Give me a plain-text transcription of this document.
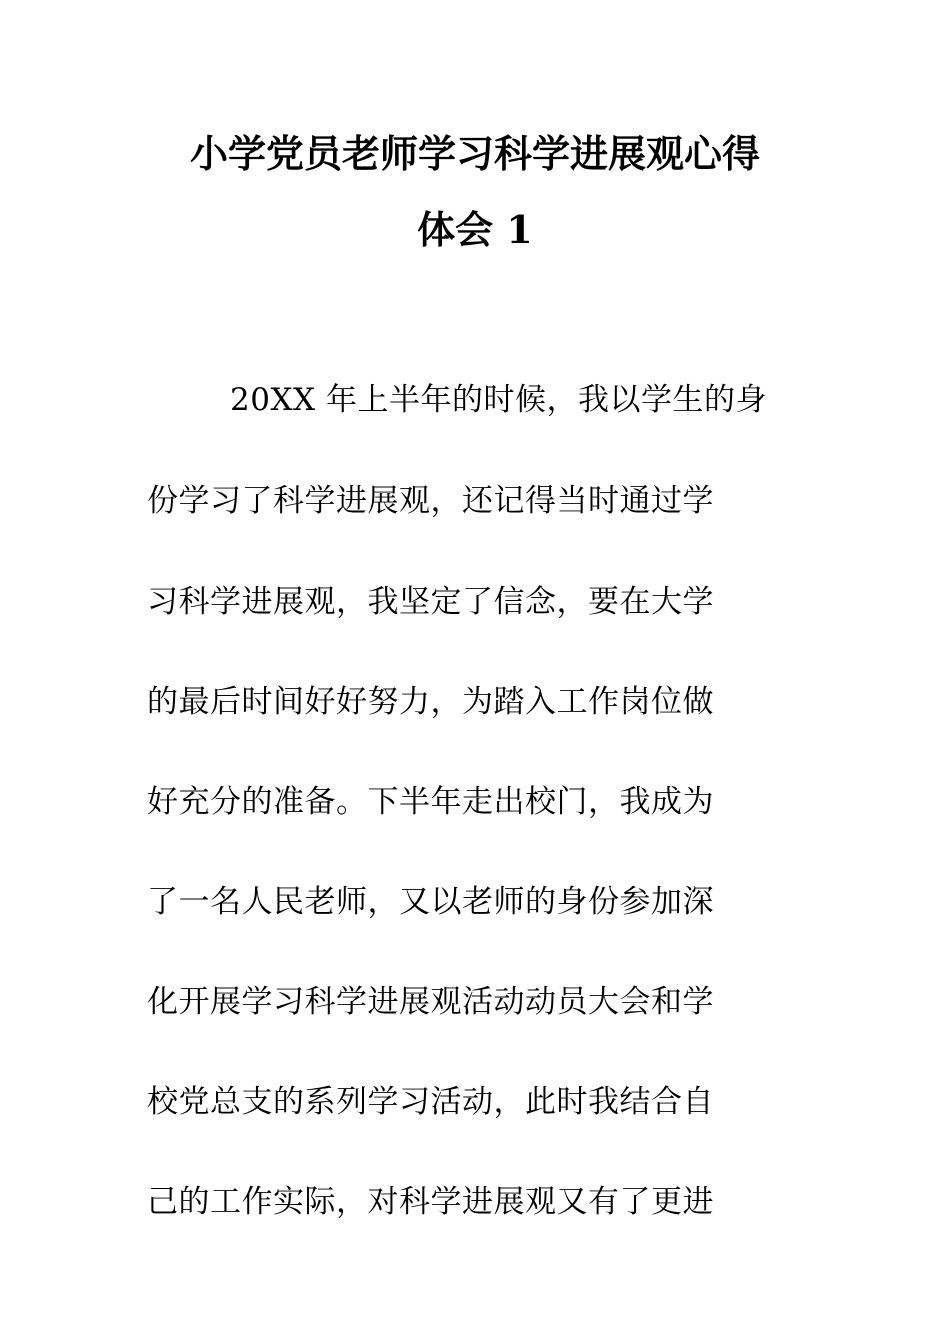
小学党员老师学习科学进展观心得
体会 1

20XX 年上半年的时候，我以学生的身

份学习了科学进展观，还记得当时通过学

习科学进展观，我坚定了信念，要在大学

的最后时间好好努力，为踏入工作岗位做

好充分的准备。下半年走出校门，我成为

了一名人民老师，又以老师的身份参加深

化开展学习科学进展观活动动员大会和学

校党总支的系列学习活动，此时我结合自

己的工作实际，对科学进展观又有了更进
